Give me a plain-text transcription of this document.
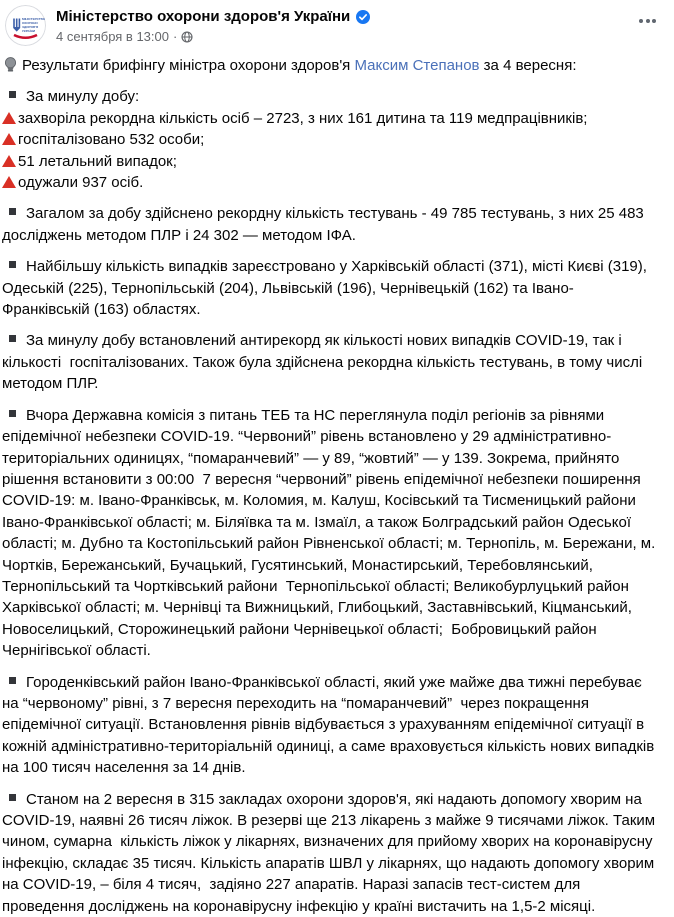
МІНІСТЕРСТВО
ОХОРОНИ
ЗДОРОВ'Я
УКРАЇНИ
Міністерство охорони здоров'я України
4 сентября в 13:00 ·
Результати брифінгу міністра охорони здоров'я Максим Степанов за 4 вересня:
За минулу добу:
захворіла рекордна кількість осіб – 2723, з них 161 дитина та 119 медпрацівників;
госпіталізовано 532 особи;
51 летальний випадок;
одужали 937 осіб.
Загалом за добу здійснено рекордну кількість тестувань - 49 785 тестувань, з них 25 483 досліджень методом ПЛР і 24 302 — методом ІФА.
Найбільшу кількість випадків зареєстровано у Харківській області (371), місті Києві (319), Одеській (225), Тернопільській (204), Львівській (196), Чернівецькій (162) та Івано-Франківській (163) областях.
За минулу добу встановлений антирекорд як кількості нових випадків COVID-19, так і кількості  госпіталізованих. Також була здійснена рекордна кількість тестувань, в тому числі методом ПЛР.
Вчора Державна комісія з питань ТЕБ та НС переглянула поділ регіонів за рівнями епідемічної небезпеки COVID-19. “Червоний” рівень встановлено у 29 адміністративно-територіальних одиницях, “помаранчевий” — у 89, “жовтий” — у 139. Зокрема, прийнято рішення встановити з 00:00  7 вересня “червоний” рівень епідемічної небезпеки поширення COVID-19: м. Івано-Франківськ, м. Коломия, м. Калуш, Косівський та Тисменицький райони Івано-Франківської області; м. Біляївка та м. Ізмаїл, а також Болградський район Одеської області; м. Дубно та Костопільський район Рівненської області; м. Тернопіль, м. Бережани, м. Чортків, Бережанський, Бучацький, Гусятинський, Монастирський, Теребовлянський, Тернопільський та Чортківський райони  Тернопільської області; Великобурлуцький район Харківської області; м. Чернівці та Вижницький, Глибоцький, Заставнівський, Кіцманський, Новоселицький, Сторожинецький райони Чернівецької області;  Бобровицький район Чернігівської області.
Городенківський район Івано-Франківської області, який уже майже два тижні перебуває на “червоному” рівні, з 7 вересня переходить на “помаранчевий”  через покращення епідемічної ситуації. Встановлення рівнів відбувається з урахуванням епідемічної ситуації в кожній адміністративно-територіальній одиниці, а саме враховується кількість нових випадків на 100 тисяч населення за 14 днів.
Станом на 2 вересня в 315 закладах охорони здоров'я, які надають допомогу хворим на COVID-19, наявні 26 тисяч ліжок. В резерві ще 213 лікарень з майже 9 тисячами ліжок. Таким чином, сумарна  кількість ліжок у лікарнях, визначених для прийому хворих на коронавірусну інфекцію, складає 35 тисяч. Кількість апаратів ШВЛ у лікарнях, що надають допомогу хворим на COVID-19, – біля 4 тисяч,  задіяно 227 апаратів. Наразі запасів тест-систем для проведення досліджень на коронавірусну інфекцію у країні вистачить на 1,5-2 місяці.
